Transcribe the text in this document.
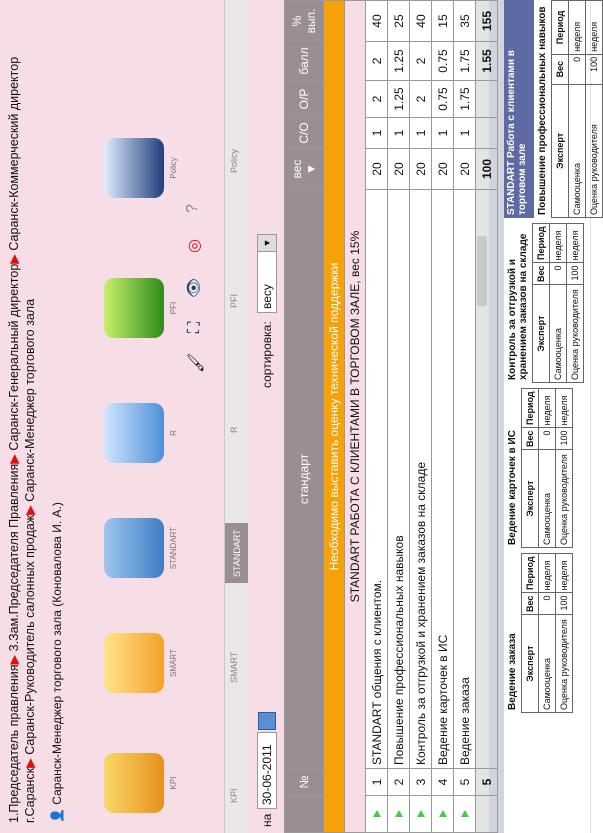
1.Председатель правления▶ 3.Зам.Председателя Правления▶ Саранск-Генеральный директор▶ Саранск-Коммерческий директор г.Саранск▶ Саранск-Руководитель салонных продаж▶ Саранск-Менеджер торгового зала

👤 Саранск-Менеджер торгового зала (Коновалова И. А.)	KPI
SMART
STANDART
R
PFI
Policy
🖌
⛶
👁
◎
?
KPI
SMART
STANDART
R
PFI
Policy
на
30-06-2011
сортировка:
весу
▼
	№	стандарт	вес ▼	С/О	О/Р	балл	% вып.
Необходимо выставить оценку технической поддержки							
STANDART РАБОТА С КЛИЕНТАМИ В ТОРГОВОМ ЗАЛЕ, вес 15%							
	1	STANDART общения с клиентом.	20	1	2	2	40
	2	Повышение профессиональных навыков	20	1	1.25	1.25	25
	3	Контроль за отгрузкой и хранением заказов на складе	20	1	2	2	40
	4	Ведение карточек в ИС	20	1	0.75	0.75	15
	5	Ведение заказа	20	1	1.75	1.75	35
	5		100			1.55	155
STANDART Работа с клиентами в торговом зале Повышение профессиональных навыков Эксперт	Вес	Период
Самооценка	0	неделя
Оценка руководителя	100	неделя
Контроль за отгрузкой и хранением заказов на складе Эксперт	Вес	Период
Самооценка	0	неделя
Оценка руководителя	100	неделя
Ведение карточек в ИС Эксперт	Вес	Период
Самооценка	0	неделя
Оценка руководителя	100	неделя
Ведение заказа Эксперт	Вес	Период
Самооценка	0	неделя
Оценка руководителя	100	неделя
